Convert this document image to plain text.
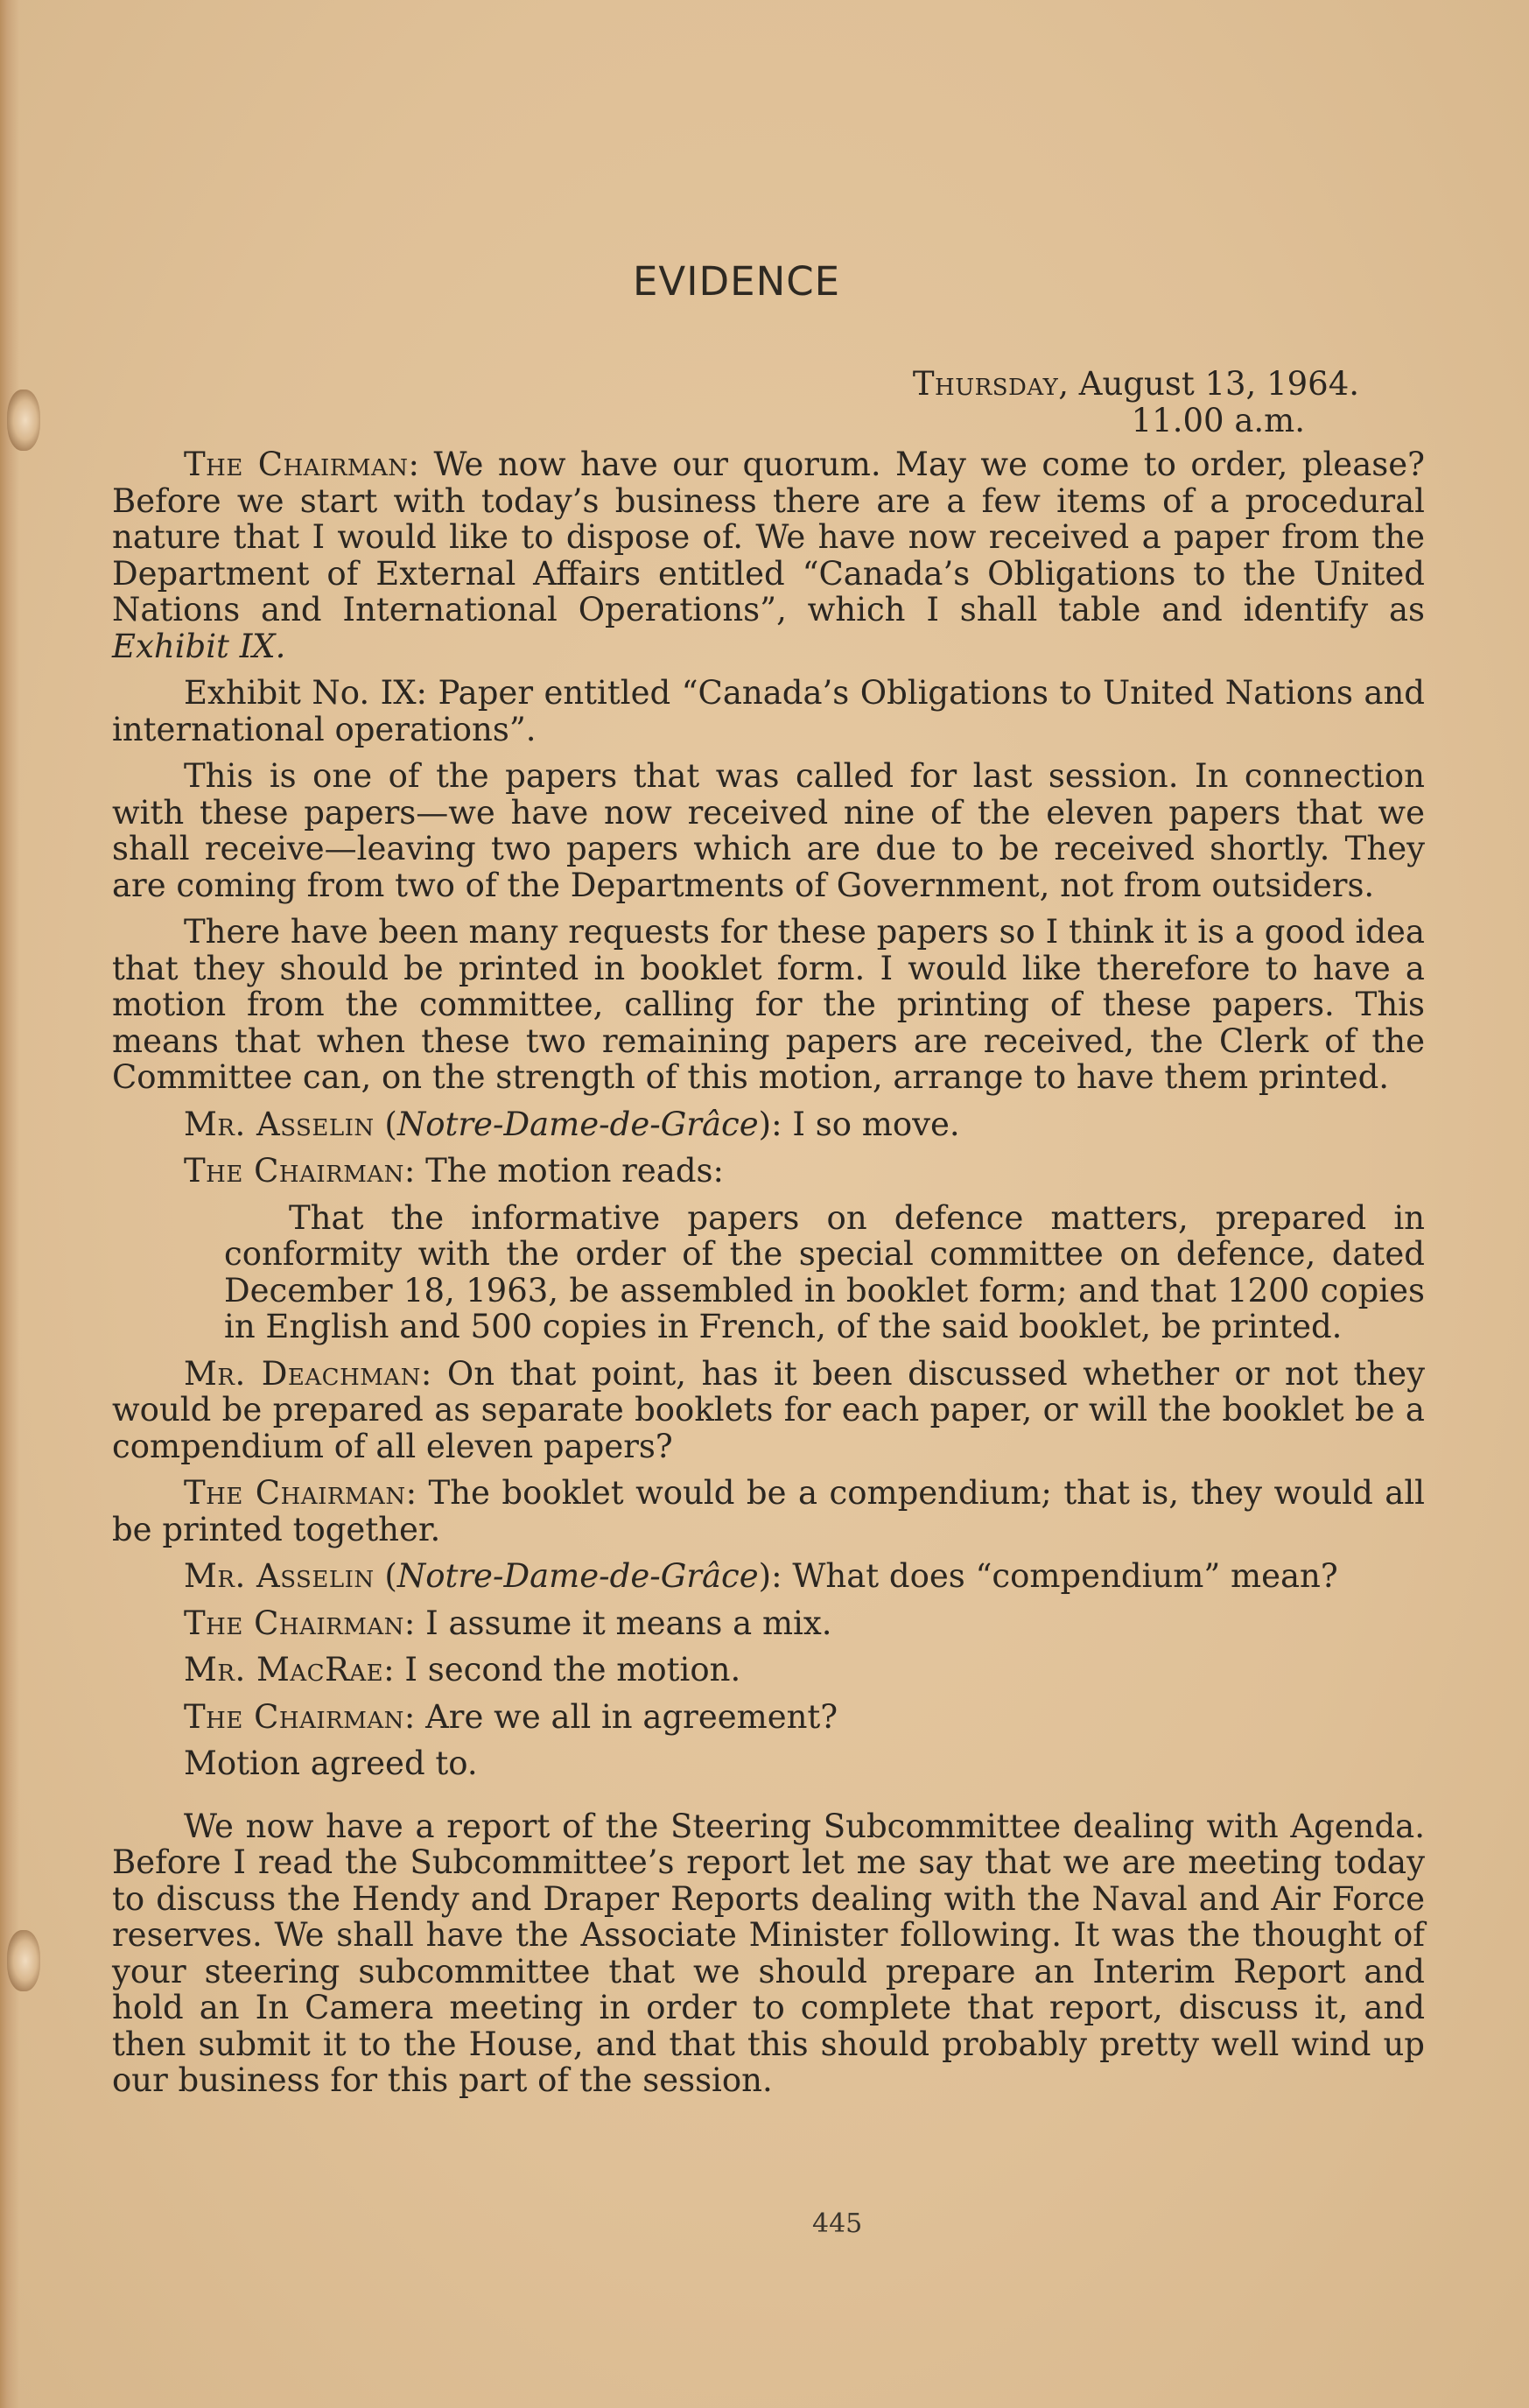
EVIDENCE
Thursday, August 13, 1964.
11.00 a.m.

The Chairman: We now have our quorum. May we come to order, please? Before we start with today’s business there are a few items of a procedural nature that I would like to dispose of. We have now received a paper from the Department of External Affairs entitled “Canada’s Obligations to the United Nations and International Operations”, which I shall table and identify as Exhibit IX.

Exhibit No. IX: Paper entitled “Canada’s Obligations to United Nations and international operations”.

This is one of the papers that was called for last session. In connection with these papers—we have now received nine of the eleven papers that we shall receive—leaving two papers which are due to be received shortly. They are coming from two of the Departments of Government, not from outsiders.

There have been many requests for these papers so I think it is a good idea that they should be printed in booklet form. I would like therefore to have a motion from the committee, calling for the printing of these papers. This means that when these two remaining papers are received, the Clerk of the Committee can, on the strength of this motion, arrange to have them printed.

Mr. Asselin (Notre-Dame-de-Grâce): I so move.

The Chairman: The motion reads:

That the informative papers on defence matters, prepared in conformity with the order of the special committee on defence, dated December 18, 1963, be assembled in booklet form; and that 1200 copies in English and 500 copies in French, of the said booklet, be printed.

Mr. Deachman: On that point, has it been discussed whether or not they would be prepared as separate booklets for each paper, or will the booklet be a compendium of all eleven papers?

The Chairman: The booklet would be a compendium; that is, they would all be printed together.

Mr. Asselin (Notre-Dame-de-Grâce): What does “compendium” mean?

The Chairman: I assume it means a mix.

Mr. MacRae: I second the motion.

The Chairman: Are we all in agreement?

Motion agreed to.

We now have a report of the Steering Subcommittee dealing with Agenda. Before I read the Subcommittee’s report let me say that we are meeting today to discuss the Hendy and Draper Reports dealing with the Naval and Air Force reserves. We shall have the Associate Minister following. It was the thought of your steering subcommittee that we should prepare an Interim Report and hold an In Camera meeting in order to complete that report, discuss it, and then submit it to the House, and that this should probably pretty well wind up our business for this part of the session.

445
